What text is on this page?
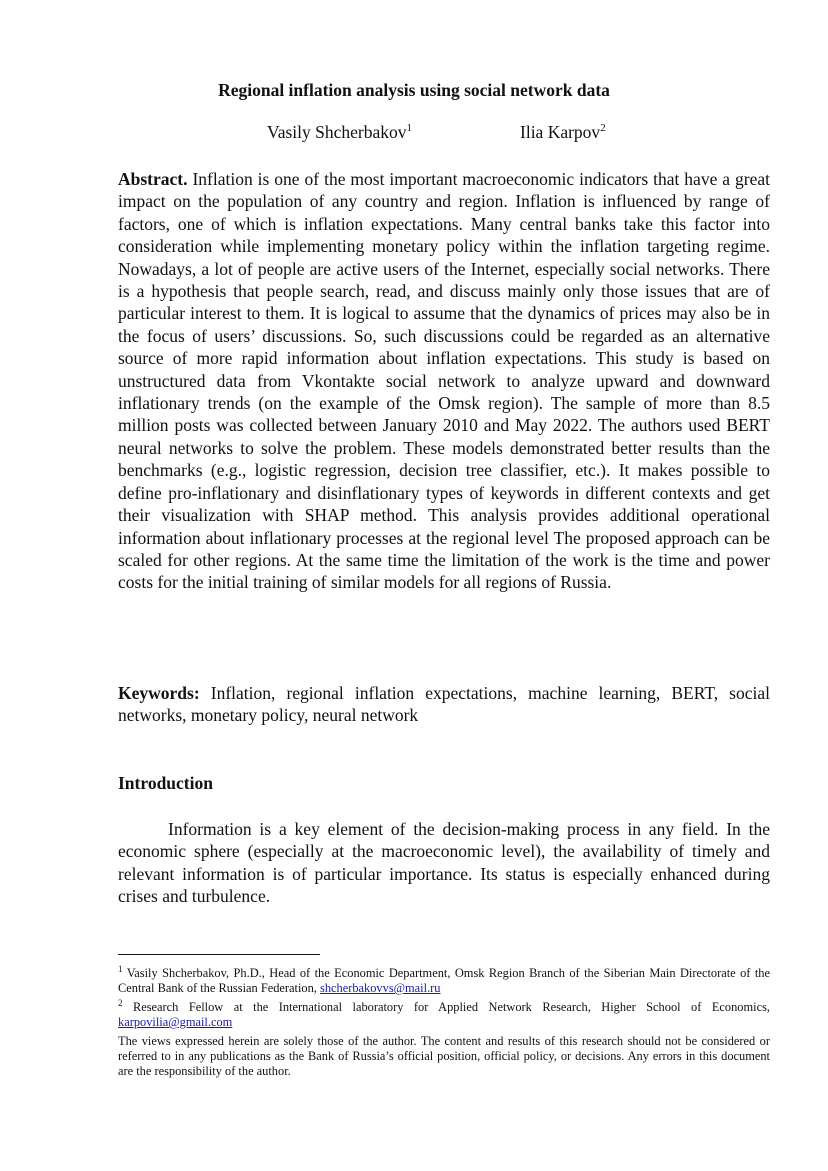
Regional inflation analysis using social network data
Vasily Shcherbakov$^1$	Ilia Karpov$^2$
Abstract. Inflation is one of the most important macroeconomic indicators that have a great impact on the population of any country and region. Inflation is influenced by range of factors, one of which is inflation expectations. Many central banks take this factor into consideration while implementing monetary policy within the inflation targeting regime. Nowadays, a lot of people are active users of the Internet, especially social networks. There is a hypothesis that people search, read, and discuss mainly only those issues that are of particular interest to them. It is logical to assume that the dynamics of prices may also be in the focus of users’ discussions. So, such discussions could be regarded as an alternative source of more rapid information about inflation expectations. This study is based on unstructured data from Vkontakte social network to analyze upward and downward inflationary trends (on the example of the Omsk region). The sample of more than 8.5 million posts was collected between January 2010 and May 2022. The authors used BERT neural networks to solve the problem. These models demonstrated better results than the benchmarks (e.g., logistic regression, decision tree classifier, etc.). It makes possible to define pro-inflationary and disinflationary types of keywords in different contexts and get their visualization with SHAP method. This analysis provides additional operational information about inflationary processes at the regional level The proposed approach can be scaled for other regions. At the same time the limitation of the work is the time and power costs for the initial training of similar models for all regions of Russia.
Keywords: Inflation, regional inflation expectations, machine learning, BERT, social networks, monetary policy, neural network
Introduction
Information is a key element of the decision-making process in any field. In the economic sphere (especially at the macroeconomic level), the availability of timely and relevant information is of particular importance. Its status is especially enhanced during crises and turbulence.
$^1$ Vasily Shcherbakov, Ph.D., Head of the Economic Department, Omsk Region Branch of the Siberian Main Directorate of the Central Bank of the Russian Federation, shcherbakovvs@mail.ru
$^2$ Research Fellow at the International laboratory for Applied Network Research, Higher School of Economics, karpovilia@gmail.com
The views expressed herein are solely those of the author. The content and results of this research should not be considered or referred to in any publications as the Bank of Russia’s official position, official policy, or decisions. Any errors in this document are the responsibility of the author.
